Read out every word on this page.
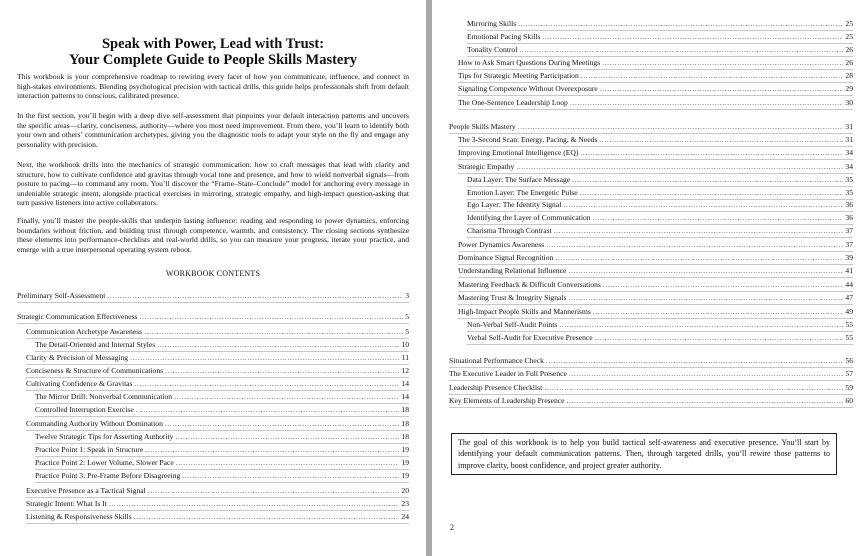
Speak with Power, Lead with Trust:
Your Complete Guide to People Skills Mastery

This workbook is your comprehensive roadmap to rewiring every facet of how you communicate, influence, and connect in high-stakes environments. Blending psychological precision with tactical drills, this guide helps professionals shift from default interaction patterns to conscious, calibrated presence.

In the first section, you’ll begin with a deep dive self-assessment that pinpoints your default interaction patterns and uncovers the specific areas—clarity, conciseness, authority—where you most need improvement. From there, you’ll learn to identify both your own and others’ communication archetypes, giving you the diagnostic tools to adapt your style on the fly and engage any personality with precision.

Next, the workbook drills into the mechanics of strategic communication: how to craft messages that lead with clarity and structure, how to cultivate confidence and gravitas through vocal tone and presence, and how to wield nonverbal signals—from posture to pacing—to command any room. You’ll discover the “Frame–State–Conclude” model for anchoring every message in undeniable strategic intent, alongside practical exercises in mirroring, strategic empathy, and high-impact question-asking that turn passive listeners into active collaborators.

Finally, you’ll master the people-skills that underpin lasting influence: reading and responding to power dynamics, enforcing boundaries without friction, and building trust through competence, warmth, and consistency. The closing sections synthesize these elements into performance-checklists and real-world drills, so you can measure your progress, iterate your practice, and emerge with a true interpersonal operating system reboot.

WORKBOOK CONTENTS
Preliminary Self-Assessment .....	3
Strategic Communication Effectiveness .....	5
Communication Archetype Awareness .....	5
The Detail-Oriented and Internal Styles .....	10
Clarity & Precision of Messaging .....	11
Conciseness & Structure of Communications .....	12
Cultivating Confidence & Gravitas .....	14
The Mirror Drill: Nonverbal Communication .....	14
Controlled Interruption Exercise .....	18
Commanding Authority Without Domination .....	18
Twelve Strategic Tips for Asserting Authority .....	18
Practice Point 1: Speak in Structure .....	19
Practice Point 2: Lower Volume, Slower Pace .....	19
Practice Point 3: Pre-Frame Before Disagreeing .....	19
Executive Presence as a Tactical Signal .....	20
Strategic Intent: What Is It .....	23
Listening & Responsiveness Skills .....	24
Mirroring Skills .....	25
Emotional Pacing Skills .....	25
Tonality Control .....	26
How to Ask Smart Questions During Meetings .....	26
Tips for Strategic Meeting Participation .....	28
Signaling Competence Without Overexposure .....	29
The One-Sentence Leadership Loop .....	30
People Skills Mastery .....	31
The 3-Second Scan: Energy, Pacing, & Needs .....	31
Improving Emotional Intelligence (EQ) .....	34
Strategic Empathy .....	34
Data Layer: The Surface Message .....	35
Emotion Layer: The Energetic Pulse .....	35
Ego Layer: The Identity Signal .....	36
Identifying the Layer of Communication .....	36
Charisma Through Contrast .....	37
Power Dynamics Awareness .....	37
Dominance Signal Recognition .....	39
Understanding Relational Influence .....	41
Mastering Feedback & Difficult Conversations .....	44
Mastering Trust & Integrity Signals .....	47
High-Impact People Skills and Mannerisms .....	49
Non-Verbal Self-Audit Points .....	55
Verbal Self-Audit for Executive Presence .....	55
Situational Performance Check .....	56
The Executive Leader in Full Presence .....	57
Leadership Presence Checklist .....	59
Key Elements of Leadership Presence .....	60
The goal of this workbook is to help you build tactical self-awareness and executive presence. You’ll start by identifying your default communication patterns. Then, through targeted drills, you’ll rewire those patterns to improve clarity, boost confidence, and project greater authority.
2
